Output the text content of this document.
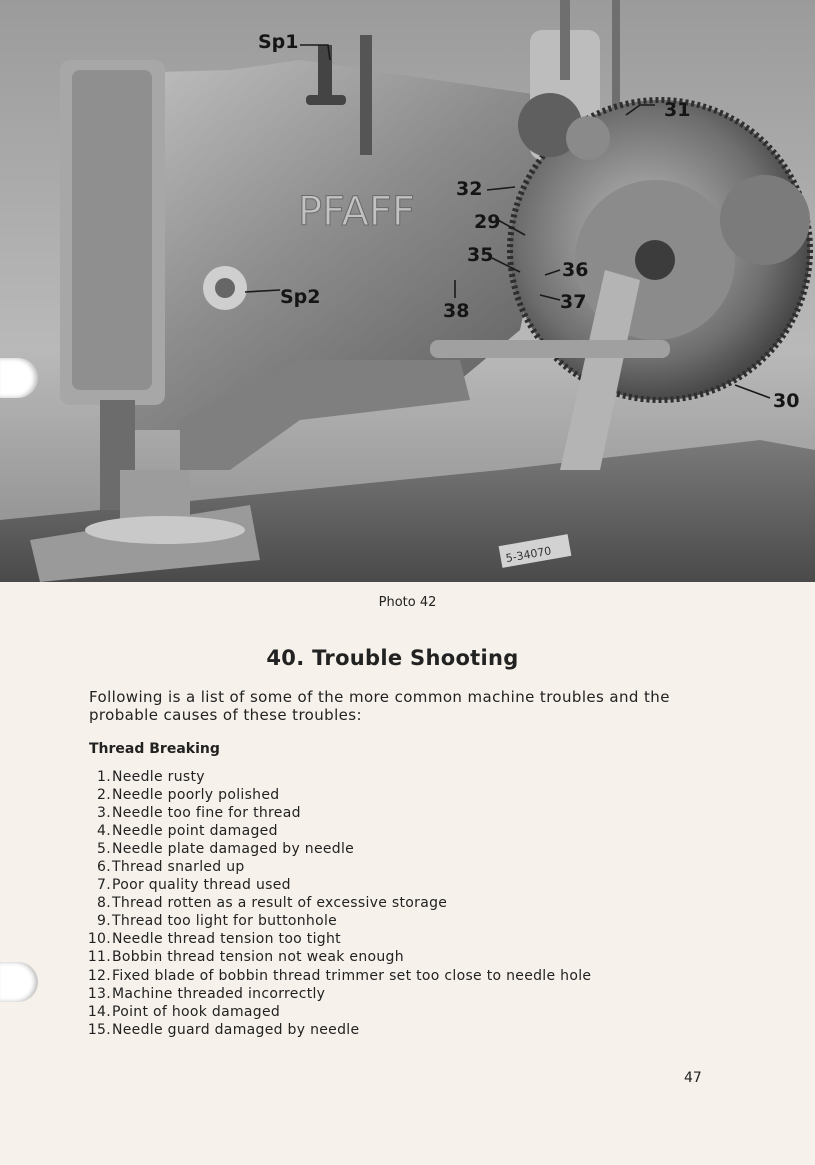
PFAFF
5-34070
Sp1
Sp2
31
32
29
35
36
37
38
30
Photo 42
40. Trouble Shooting
Following is a list of some of the more common machine troubles and the probable causes of these troubles:
Thread Breaking
1. Needle rusty
2. Needle poorly polished
3. Needle too fine for thread
4. Needle point damaged
5. Needle plate damaged by needle
6. Thread snarled up
7. Poor quality thread used
8. Thread rotten as a result of excessive storage
9. Thread too light for buttonhole
10. Needle thread tension too tight
11. Bobbin thread tension not weak enough
12. Fixed blade of bobbin thread trimmer set too close to needle hole
13. Machine threaded incorrectly
14. Point of hook damaged
15. Needle guard damaged by needle
47
